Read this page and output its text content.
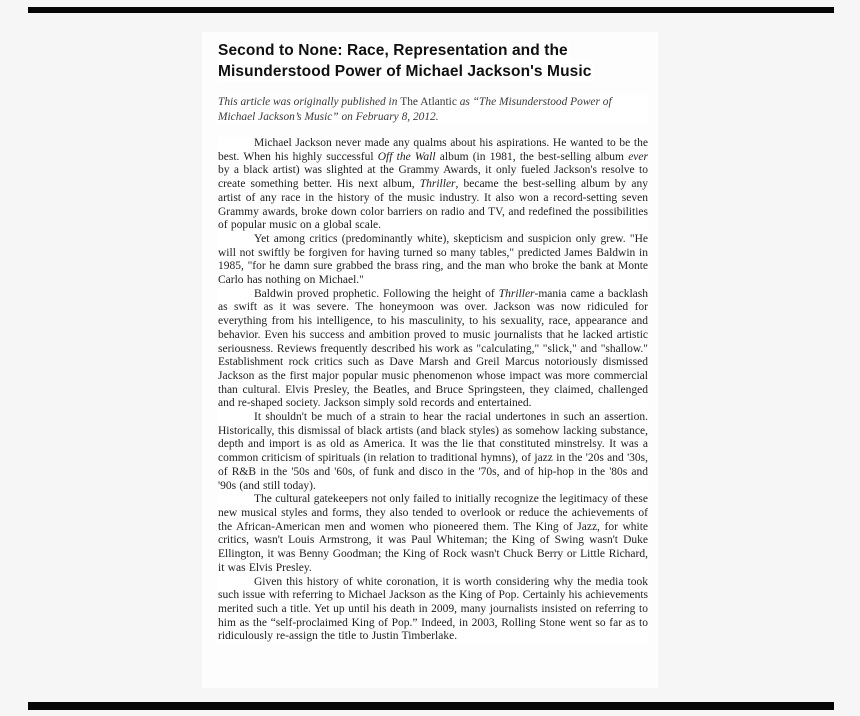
Second to None: Race, Representation and the
Misunderstood Power of Michael Jackson's Music

This article was originally published in The Atlantic as “The Misunderstood Power of Michael Jackson’s Music” on February 8, 2012.

Michael Jackson never made any qualms about his aspirations. He wanted to be the best. When his highly successful Off the Wall album (in 1981, the best-selling album ever by a black artist) was slighted at the Grammy Awards, it only fueled Jackson's resolve to create something better. His next album, Thriller, became the best-selling album by any artist of any race in the history of the music industry. It also won a record-setting seven Grammy awards, broke down color barriers on radio and TV, and redefined the possibilities of popular music on a global scale.

Yet among critics (predominantly white), skepticism and suspicion only grew. "He will not swiftly be forgiven for having turned so many tables," predicted James Baldwin in 1985, "for he damn sure grabbed the brass ring, and the man who broke the bank at Monte Carlo has nothing on Michael."

Baldwin proved prophetic. Following the height of Thriller-mania came a backlash as swift as it was severe. The honeymoon was over. Jackson was now ridiculed for everything from his intelligence, to his masculinity, to his sexuality, race, appearance and behavior. Even his success and ambition proved to music journalists that he lacked artistic seriousness. Reviews frequently described his work as "calculating," "slick," and "shallow." Establishment rock critics such as Dave Marsh and Greil Marcus notoriously dismissed Jackson as the first major popular music phenomenon whose impact was more commercial than cultural. Elvis Presley, the Beatles, and Bruce Springsteen, they claimed, challenged and re-shaped society. Jackson simply sold records and entertained.

It shouldn't be much of a strain to hear the racial undertones in such an assertion. Historically, this dismissal of black artists (and black styles) as somehow lacking substance, depth and import is as old as America. It was the lie that constituted minstrelsy. It was a common criticism of spirituals (in relation to traditional hymns), of jazz in the '20s and '30s, of R&B in the '50s and '60s, of funk and disco in the '70s, and of hip-hop in the '80s and '90s (and still today).

The cultural gatekeepers not only failed to initially recognize the legitimacy of these new musical styles and forms, they also tended to overlook or reduce the achievements of the African-American men and women who pioneered them. The King of Jazz, for white critics, wasn't Louis Armstrong, it was Paul Whiteman; the King of Swing wasn't Duke Ellington, it was Benny Goodman; the King of Rock wasn't Chuck Berry or Little Richard, it was Elvis Presley.

Given this history of white coronation, it is worth considering why the media took such issue with referring to Michael Jackson as the King of Pop. Certainly his achievements merited such a title. Yet up until his death in 2009, many journalists insisted on referring to him as the “self-proclaimed King of Pop.” Indeed, in 2003, Rolling Stone went so far as to ridiculously re-assign the title to Justin Timberlake.
